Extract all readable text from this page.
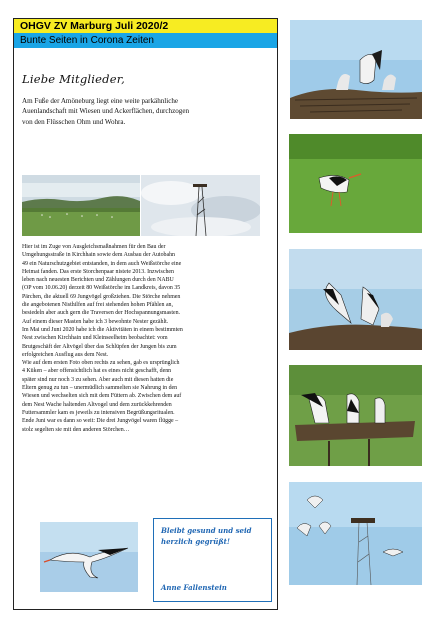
OHGV ZV Marburg Juli 2020/2
Bunte Seiten in Corona Zeiten
Liebe Mitglieder,
Am Fuße der Amöneburg liegt eine weite parkähnliche
Auenlandschaft mit Wiesen und Ackerflächen, durchzogen
von den Flüsschen Ohm und Wohra.
Hier ist im Zuge von Ausgleichsmaßnahmen für den Bau der
Umgehungsstraße in Kirchhain sowie dem Ausbau der Autobahn
49 ein Naturschutzgebiet entstanden, in dem auch Weißstörche eine
Heimat fanden. Das erste Storchenpaar nistete 2013. Inzwischen
leben nach neuesten Berichten und Zählungen durch den NABU
(OP vom 10.06.20) derzeit 80 Weißstörche im Landkreis, davon 35
Pärchen, die aktuell 69 Jungvögel großziehen. Die Störche nehmen
die angebotenen Nisthilfen auf frei stehenden hohen Pfählen an,
besiedeln aber auch gern die Traversen der Hochspannungsmasten.
Auf einem dieser Masten habe ich 3 bewohnte Nester gezählt.
Im Mai und Juni 2020 habe ich die Aktivitäten in einem bestimmten
Nest zwischen Kirchhain und Kleinseelheim beobachtet: vom
Brutgeschäft der Altvögel über das Schlüpfen der Jungen bis zum
erfolgreichen Ausflug aus dem Nest.
Wie auf dem ersten Foto oben rechts zu sehen, gab es ursprünglich
4 Küken – aber offensichtlich hat es eines nicht geschafft, denn
später sind nur noch 3 zu sehen. Aber auch mit diesen hatten die
Eltern genug zu tun – unermüdlich sammelten sie Nahrung in den
Wiesen und wechselten sich mit dem Füttern ab. Zwischen dem auf
dem Nest Wache haltenden Altvogel und dem zurückkehrenden
Futtersammler kam es jeweils zu intensiven Begrüßungsritualen.
Ende Juni war es dann so weit: Die drei Jungvögel waren flügge –
stolz segelten sie mit den anderen Störchen…
Bleibt gesund und seid
herzlich gegrüßt!
Anne Fallenstein
